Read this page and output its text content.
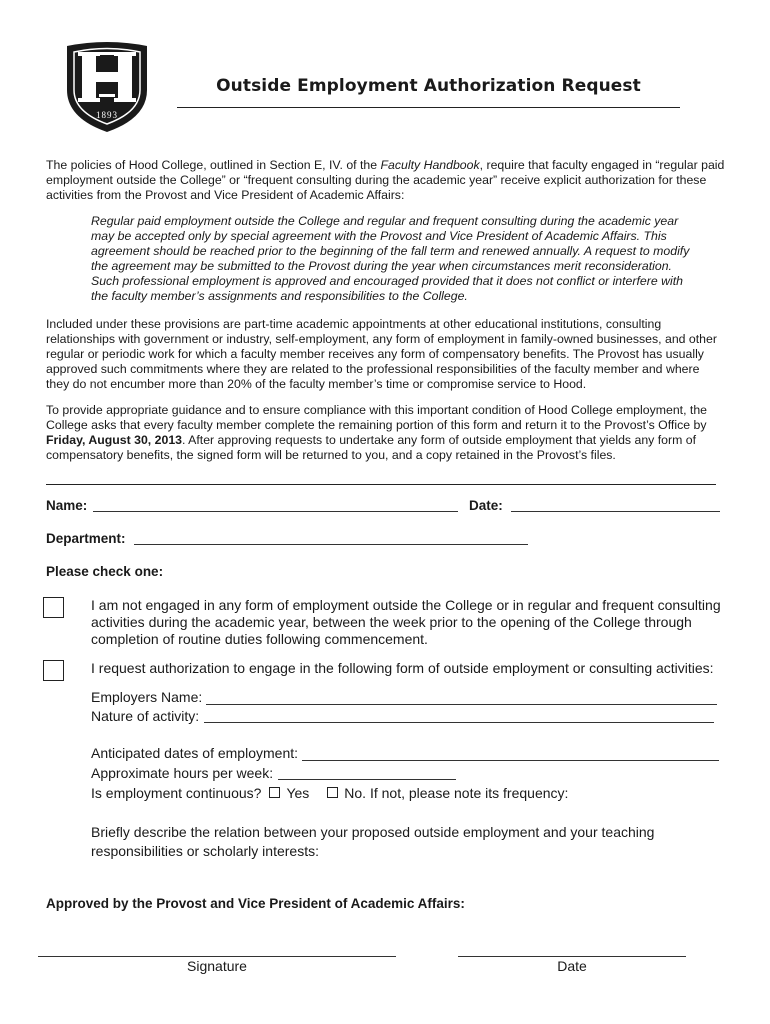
1893
Outside Employment Authorization Request
The policies of Hood College, outlined in Section E, IV. of the Faculty Handbook, require that faculty engaged in “regular paid employment outside the College” or “frequent consulting during the academic year” receive explicit authorization for these activities from the Provost and Vice President of Academic Affairs:
Regular paid employment outside the College and regular and frequent consulting during the academic year may be accepted only by special agreement with the Provost and Vice President of Academic Affairs. This agreement should be reached prior to the beginning of the fall term and renewed annually. A request to modify the agreement may be submitted to the Provost during the year when circumstances merit reconsideration. Such professional employment is approved and encouraged provided that it does not conflict or interfere with the faculty member’s assignments and responsibilities to the College.
Included under these provisions are part-time academic appointments at other educational institutions, consulting relationships with government or industry, self-employment, any form of employment in family-owned businesses, and other regular or periodic work for which a faculty member receives any form of compensatory benefits. The Provost has usually approved such commitments where they are related to the professional responsibilities of the faculty member and where they do not encumber more than 20% of the faculty member’s time or compromise service to Hood.
To provide appropriate guidance and to ensure compliance with this important condition of Hood College employment, the College asks that every faculty member complete the remaining portion of this form and return it to the Provost’s Office by Friday, August 30, 2013. After approving requests to undertake any form of outside employment that yields any form of compensatory benefits, the signed form will be returned to you, and a copy retained in the Provost’s files.
Name:	Date:
Department:
Please check one:
I am not engaged in any form of employment outside the College or in regular and frequent consulting activities during the academic year, between the week prior to the opening of the College through completion of routine duties following commencement.
I request authorization to engage in the following form of outside employment or consulting activities:
Employers Name:
Nature of activity:
Anticipated dates of employment:
Approximate hours per week:
Is employment continuous? Yes	No. If not, please note its frequency:
Briefly describe the relation between your proposed outside employment and your teaching responsibilities or scholarly interests:
Approved by the Provost and Vice President of Academic Affairs:
Signature	Date
